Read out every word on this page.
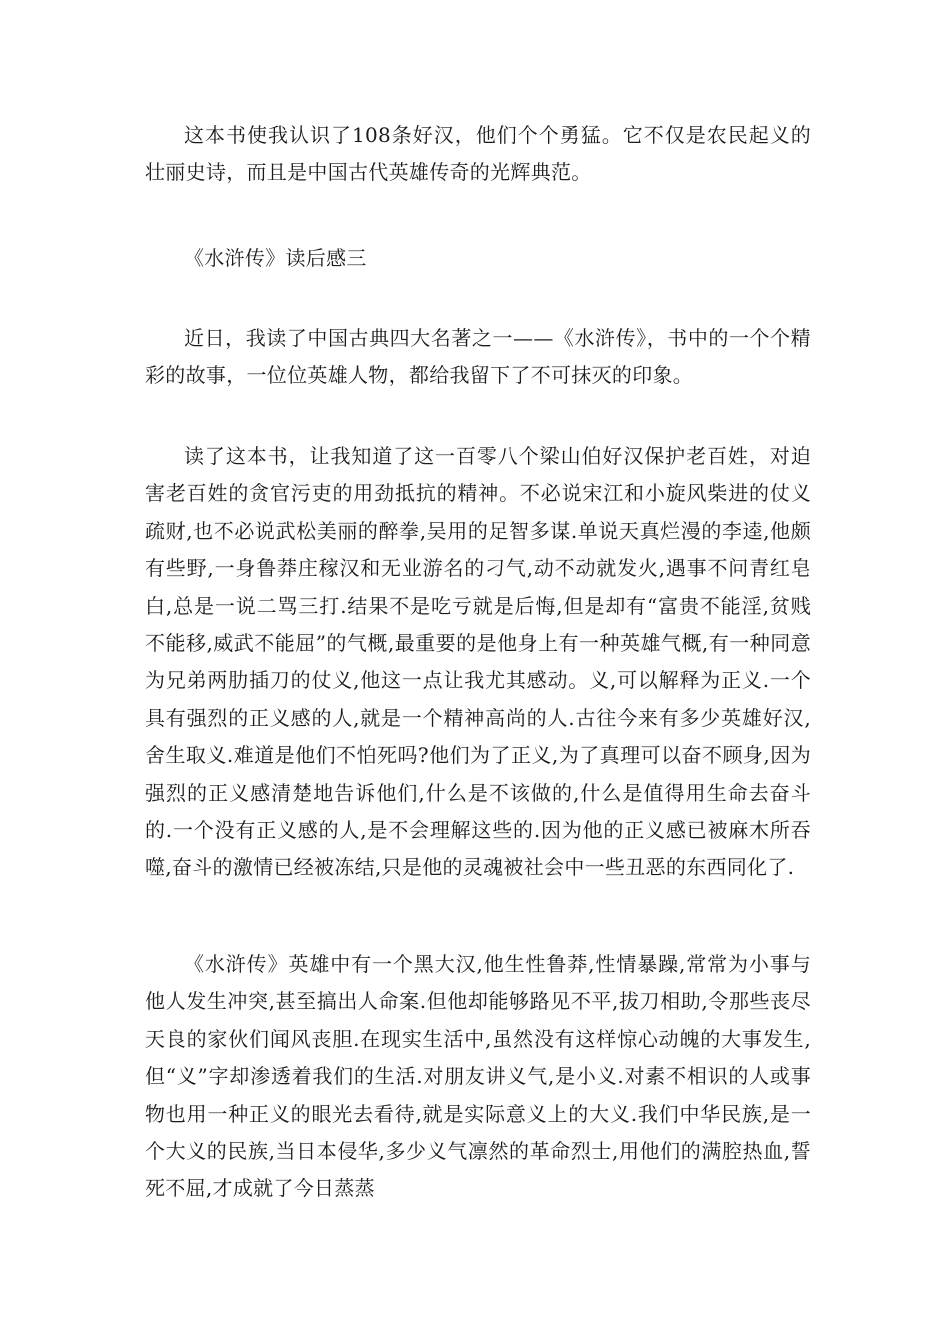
这本书使我认识了108条好汉，他们个个勇猛。它不仅是农民起义的壮丽史诗，而且是中国古代英雄传奇的光辉典范。

《水浒传》读后感三

近日，我读了中国古典四大名著之一——《水浒传》，书中的一个个精彩的故事，一位位英雄人物，都给我留下了不可抹灭的印象。

读了这本书，让我知道了这一百零八个梁山伯好汉保护老百姓，对迫害老百姓的贪官污吏的用劲抵抗的精神。不必说宋江和小旋风柴进的仗义疏财,也不必说武松美丽的醉拳,吴用的足智多谋.单说天真烂漫的李逵,他颇有些野,一身鲁莽庄稼汉和无业游名的刁气,动不动就发火,遇事不问青红皂白,总是一说二骂三打.结果不是吃亏就是后悔,但是却有“富贵不能淫,贫贱不能移,威武不能屈”的气概,最重要的是他身上有一种英雄气概,有一种同意为兄弟两肋插刀的仗义,他这一点让我尤其感动。义,可以解释为正义.一个具有强烈的正义感的人,就是一个精神高尚的人.古往今来有多少英雄好汉,舍生取义.难道是他们不怕死吗?他们为了正义,为了真理可以奋不顾身,因为强烈的正义感清楚地告诉他们,什么是不该做的,什么是值得用生命去奋斗的.一个没有正义感的人,是不会理解这些的.因为他的正义感已被麻木所吞噬,奋斗的激情已经被冻结,只是他的灵魂被社会中一些丑恶的东西同化了.

《水浒传》英雄中有一个黑大汉,他生性鲁莽,性情暴躁,常常为小事与他人发生冲突,甚至搞出人命案.但他却能够路见不平,拔刀相助,令那些丧尽天良的家伙们闻风丧胆.在现实生活中,虽然没有这样惊心动魄的大事发生,但“义”字却渗透着我们的生活.对朋友讲义气,是小义.对素不相识的人或事物也用一种正义的眼光去看待,就是实际意义上的大义.我们中华民族,是一个大义的民族,当日本侵华,多少义气凛然的革命烈士,用他们的满腔热血,誓死不屈,才成就了今日蒸蒸
